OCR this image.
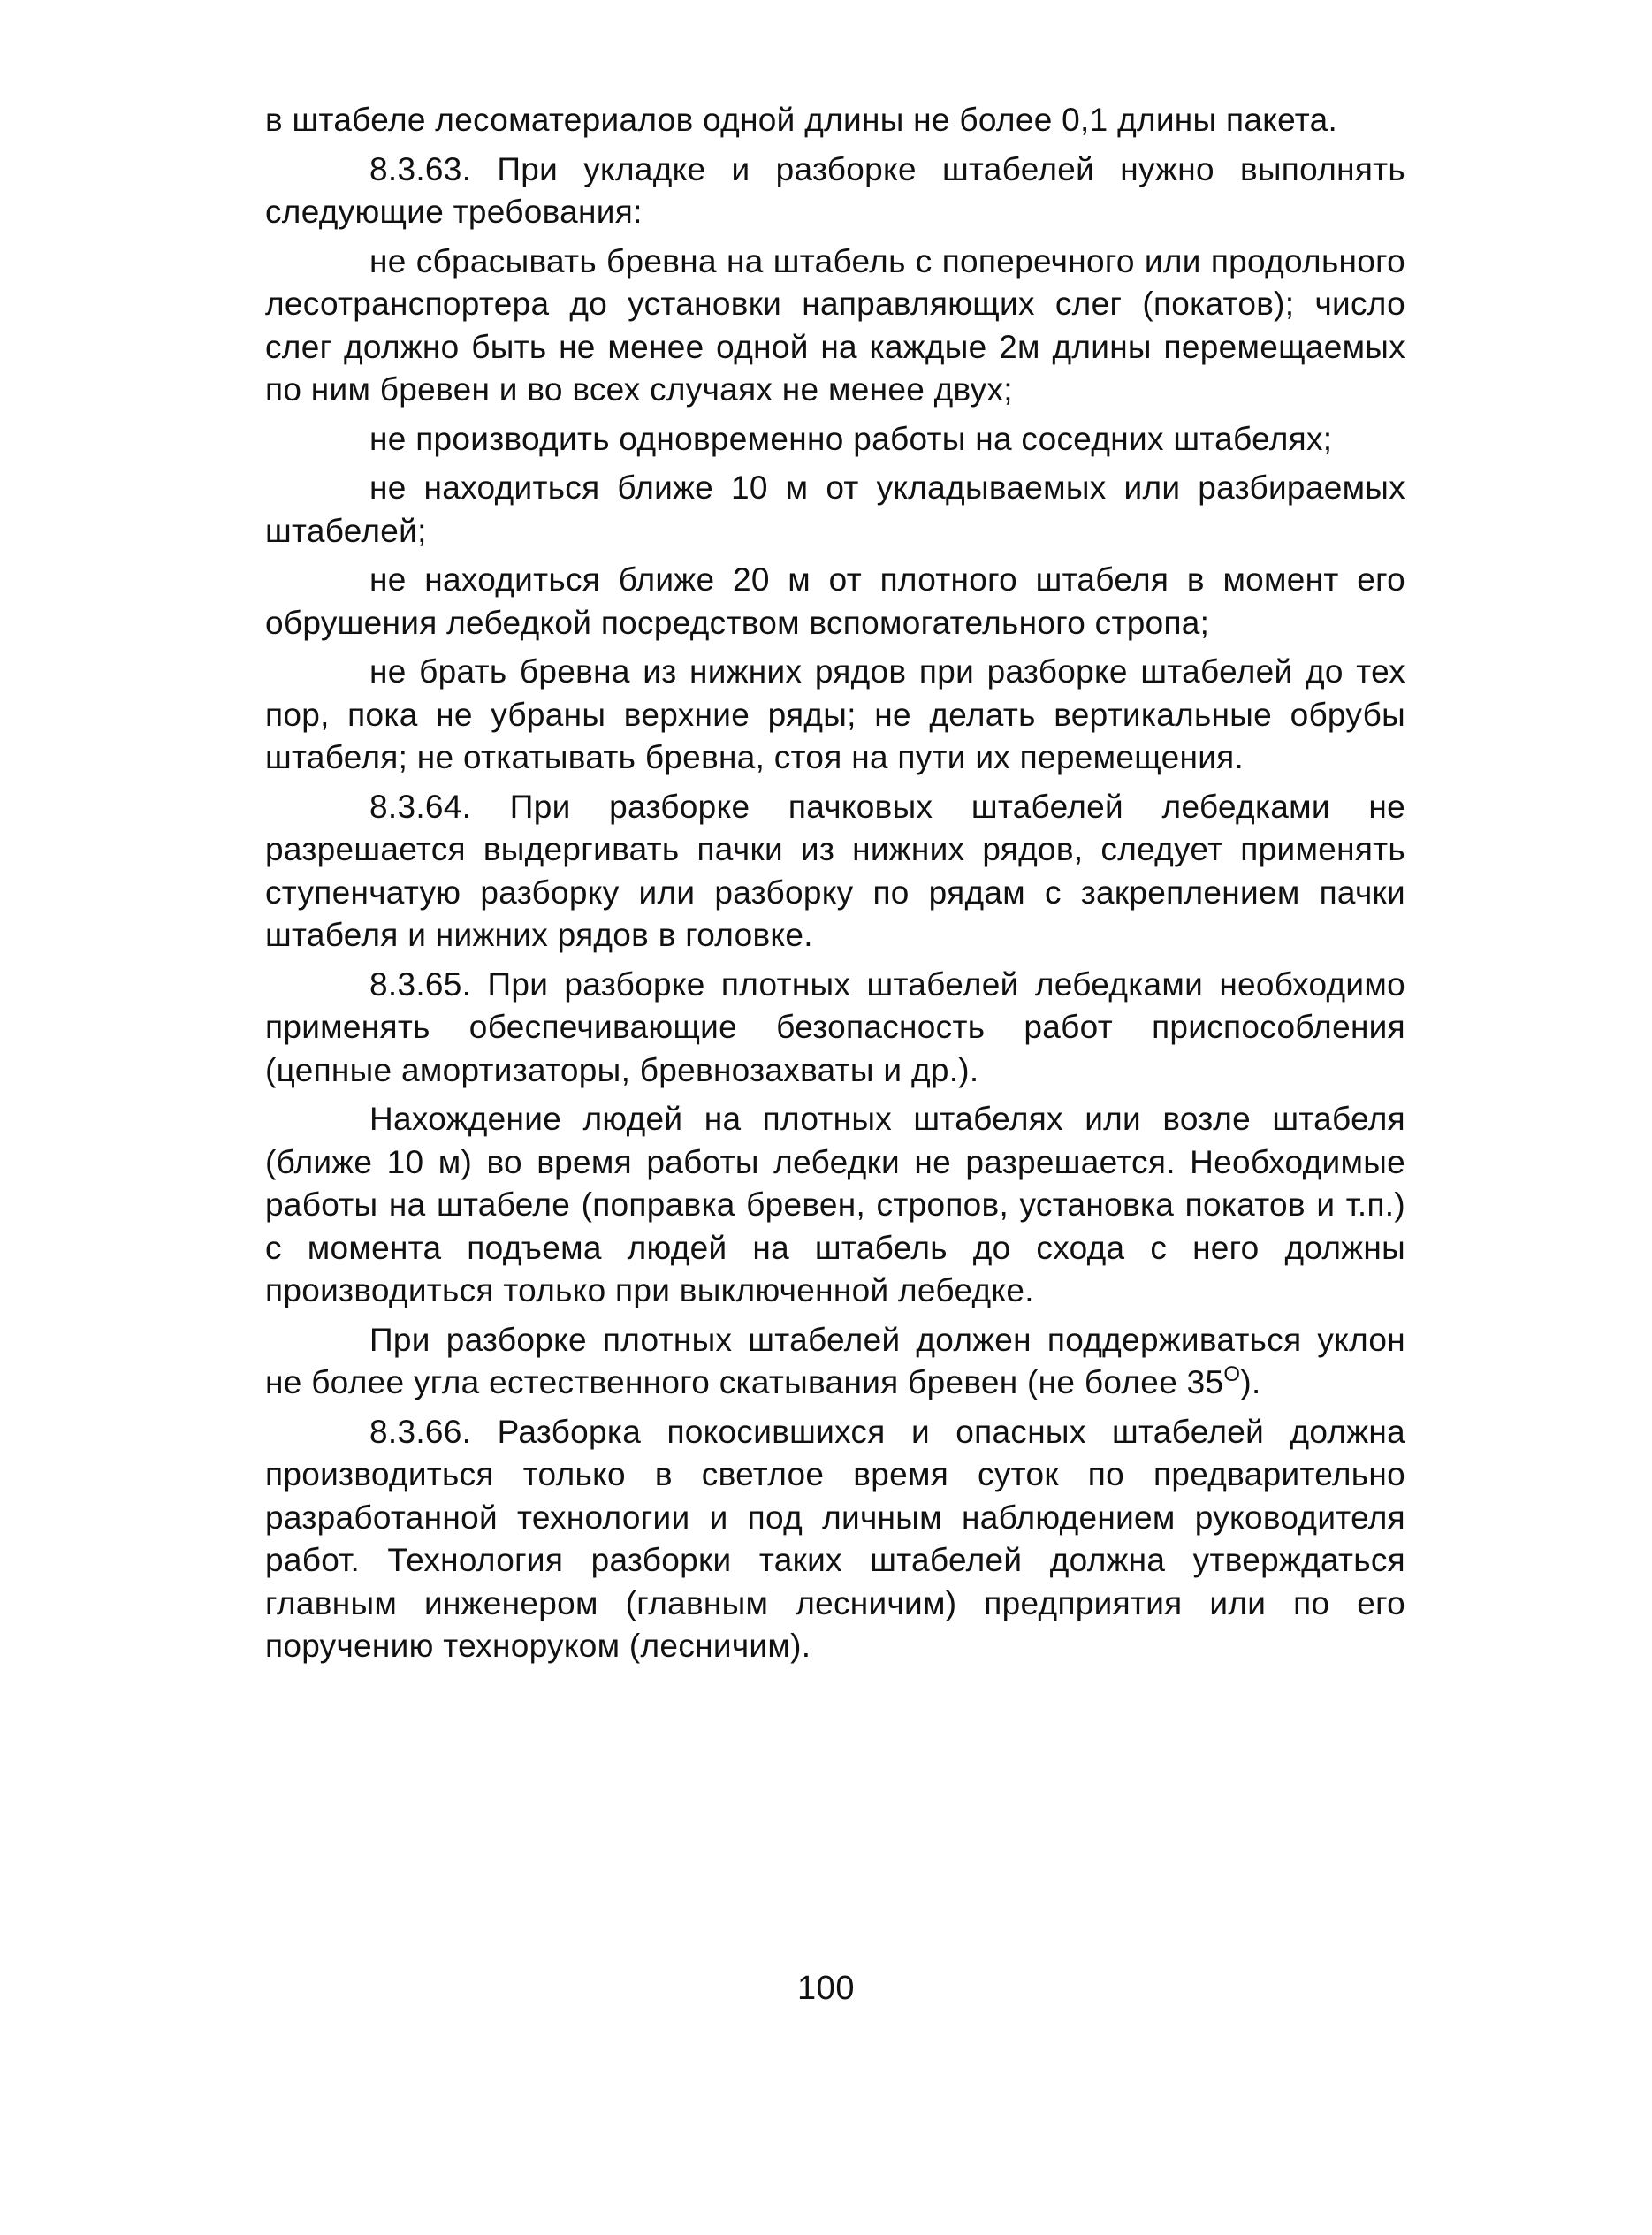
в штабеле лесоматериалов одной длины не более 0,1 длины пакета.

8.3.63. При укладке и разборке штабелей нужно выполнять следующие требования:

не сбрасывать бревна на штабель с поперечного или продольного лесотранспортера до установки направляющих слег (покатов); число слег должно быть не менее одной на каждые 2м длины перемещаемых по ним бревен и во всех случаях не менее двух;

не производить одновременно работы на соседних штабелях;

не находиться ближе 10 м от укладываемых или разбираемых штабелей;

не находиться ближе 20 м от плотного штабеля в момент его обрушения лебедкой посредством вспомогательного стропа;

не брать бревна из нижних рядов при разборке штабелей до тех пор, пока не убраны верхние ряды; не делать вертикальные обрубы штабеля; не откатывать бревна, стоя на пути их перемещения.

8.3.64. При разборке пачковых штабелей лебедками не разрешается выдергивать пачки из нижних рядов, следует применять ступенчатую разборку или разборку по рядам с закреплением пачки штабеля и нижних рядов в головке.

8.3.65. При разборке плотных штабелей лебедками необходимо применять обеспечивающие безопасность работ приспособления (цепные амортизаторы, бревнозахваты и др.).

Нахождение людей на плотных штабелях или возле штабеля (ближе 10 м) во время работы лебедки не разрешается. Необходимые работы на штабеле (поправка бревен, стропов, установка покатов и т.п.) с момента подъема людей на штабель до схода с него должны производиться только при выключенной лебедке.

При разборке плотных штабелей должен поддерживаться уклон не более угла естественного скатывания бревен (не более $35^О$).

8.3.66. Разборка покосившихся и опасных штабелей должна производиться только в светлое время суток по предварительно разработанной технологии и под личным наблюдением руководителя работ. Технология разборки таких штабелей должна утверждаться главным инженером (главным лесничим) предприятия или по его поручению техноруком (лесничим).

100
